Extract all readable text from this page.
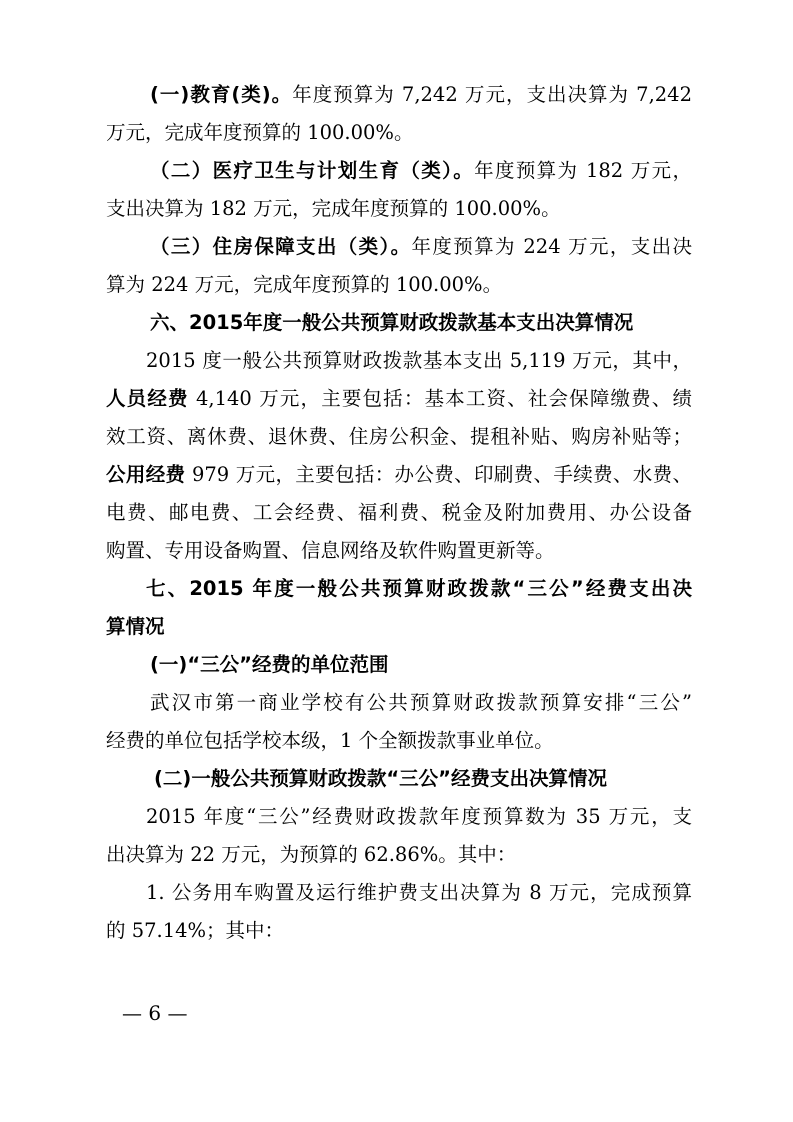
(一)教育(类)。年度预算为 7,242 万元，支出决算为 7,242
万元，完成年度预算的 100.00%。
（二）医疗卫生与计划生育（类）。年度预算为 182 万元，
支出决算为 182 万元，完成年度预算的 100.00%。
（三）住房保障支出（类）。年度预算为 224 万元，支出决
算为 224 万元，完成年度预算的 100.00%。
六、2015年度一般公共预算财政拨款基本支出决算情况
2015 度一般公共预算财政拨款基本支出 5,119 万元，其中，
人员经费 4,140 万元，主要包括：基本工资、社会保障缴费、绩
效工资、离休费、退休费、住房公积金、提租补贴、购房补贴等；
公用经费 979 万元，主要包括：办公费、印刷费、手续费、水费、
电费、邮电费、工会经费、福利费、税金及附加费用、办公设备
购置、专用设备购置、信息网络及软件购置更新等。
七、2015 年度一般公共预算财政拨款“三公”经费支出决
算情况
(一)“三公”经费的单位范围
武汉市第一商业学校有公共预算财政拨款预算安排“三公”
经费的单位包括学校本级，1 个全额拨款事业单位。
(二)一般公共预算财政拨款“三公”经费支出决算情况
2015 年度“三公”经费财政拨款年度预算数为 35 万元，支
出决算为 22 万元，为预算的 62.86%。其中：
1. 公务用车购置及运行维护费支出决算为 8 万元，完成预算
的 57.14%；其中：
— 6 —
